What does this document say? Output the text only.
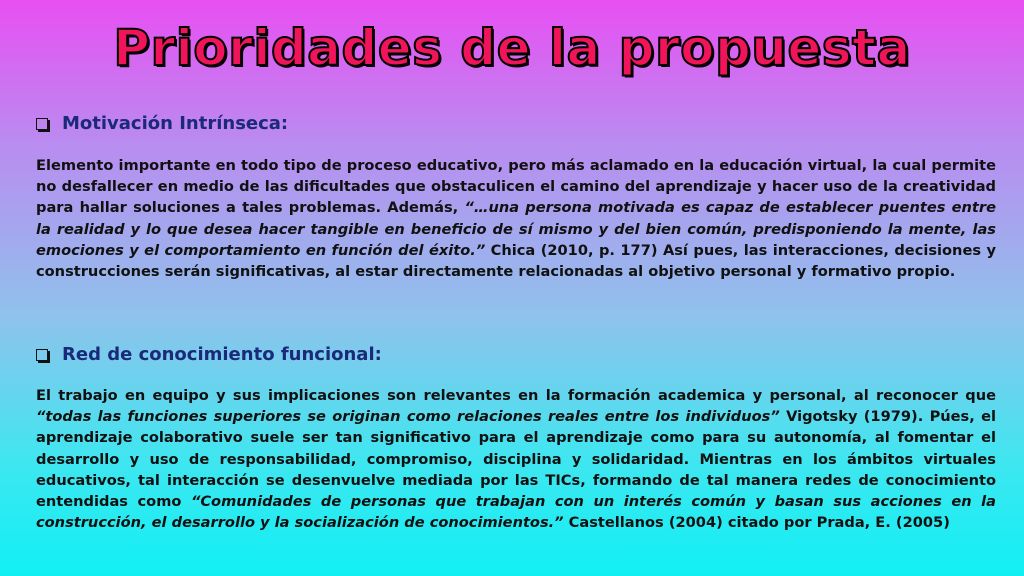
Prioridades de la propuesta
Motivación Intrínseca:
Elemento importante en todo tipo de proceso educativo, pero más aclamado en la educación virtual, la cual permite no desfallecer en medio de las dificultades que obstaculicen el camino del aprendizaje y hacer uso de la creatividad para hallar soluciones a tales problemas. Además, “…una persona motivada es capaz de establecer puentes entre la realidad y lo que desea hacer tangible en beneficio de sí mismo y del bien común, predisponiendo la mente, las emociones y el comportamiento en función del éxito.” Chica (2010, p. 177) Así pues, las interacciones, decisiones y construcciones serán significativas, al estar directamente relacionadas al objetivo personal y formativo propio.
Red de conocimiento funcional:
El trabajo en equipo y sus implicaciones son relevantes en la formación academica y personal, al reconocer que “todas las funciones superiores se originan como relaciones reales entre los individuos” Vigotsky (1979). Púes, el aprendizaje colaborativo suele ser tan significativo para el aprendizaje como para su autonomía, al fomentar el desarrollo y uso de responsabilidad, compromiso, disciplina y solidaridad. Mientras en los ámbitos virtuales educativos, tal interacción se desenvuelve mediada por las TICs, formando de tal manera redes de conocimiento entendidas como “Comunidades de personas que trabajan con un interés común y basan sus acciones en la construcción, el desarrollo y la socialización de conocimientos.” Castellanos (2004) citado por Prada, E. (2005)
